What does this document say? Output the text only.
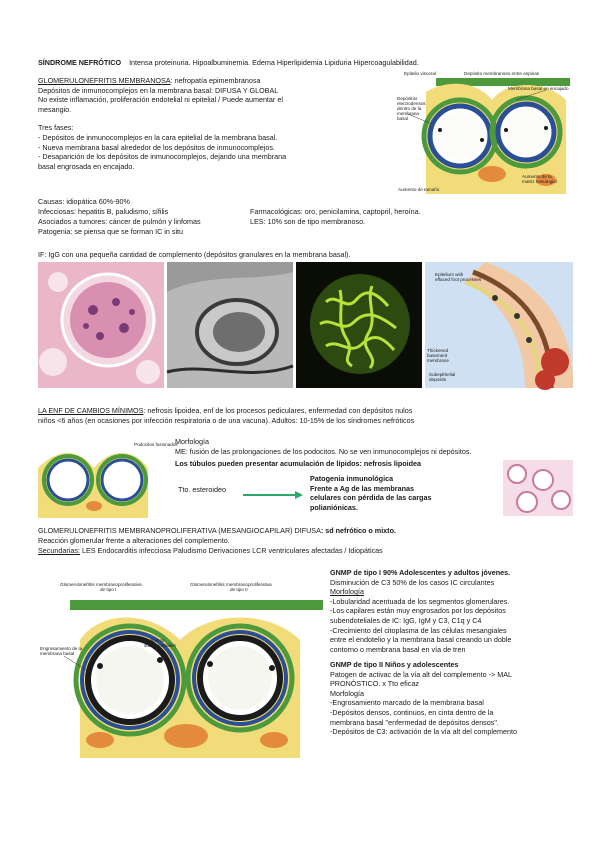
SÍNDROME NEFRÓTICO Intensa proteinuria. Hipoalbuminemia. Edema Hiperlipidemia Lipiduria Hipercoagulabilidad.
GLOMERULONEFRITIS MEMBRANOSA: nefropatía epimembranosa
Depósitos de inmunocomplejos en la membrana basal: DIFUSA Y GLOBAL
No existe inflamación, proliferación endotelial ni epitelial / Puede aumentar el
mesangio.
Tres fases:
- Depósitos de inmunocomplejos en la cara epitelial de la membrana basal.
- Nueva membrana basal alrededor de los depósitos de inmunocomplejos.
- Desaparición de los depósitos de inmunocomplejos, dejando una membrana
basal engrosada en encajado.
Causas: idiopática 60%-90%
Infecciosas: hepatitis B, paludismo, sífilis	Farmacológicas: oro, penicilamina, captopril, heroína.
Asociados a tumores: cáncer de pulmón y linfomas	LES: 10% son de tipo membranoso.
Patogenia: se piensa que se forman IC in situ
IF: IgG con una pequeña cantidad de complemento (depósitos granulares en la membrana basal).
Epitelio visceral	Depósito membranoso entre espinas
Membrana basal en encajado
Depósitos
electrodensos
dentro de la
membrana
basal
Aumento de la
matriz mesangial
Aumento de tamaño
Epitelium with
effaced foot processes
Thickened
basement
membrane
Subepithelial
deposits
LA ENF DE CAMBIOS MÍNIMOS: nefrosis lipoidea, enf de los procesos pediculares, enfermedad con depósitos nulos
niños <6 años (en ocasiones por infección respiratoria o de una vacuna). Adultos: 10-15% de los síndromes nefróticos
Podocitos fusionados
Morfología
ME: fusión de las prolongaciones de los podocitos. No se ven inmunocomplejos ni depósitos.
Los túbulos pueden presentar acumulación de lípidos: nefrosis lipoidea
Tto. esteroideo
Patogenia inmunológica
Frente a Ag de las membranas
celulares con pérdida de las cargas
polianiónicas.
GLOMERULONEFRITIS MEMBRANOPROLIFERATIVA (MESANGIOCAPILAR) DIFUSA: sd nefrótico o mixto.
Reacción glomerular frente a alteraciones del complemento.
Secundarias: LES Endocarditis infecciosa Paludismo Derivaciones LCR ventriculares afectadas / Idiopáticas
Glomerulonefritis membranoproliferativa
de tipo I
Glomerulonefritis membranoproliferativa
de tipo II
Engrosamiento de la
membrana basal
Depósitos
subendoteliales
GNMP de tipo I 90% Adolescentes y adultos jóvenes.
Disminución de C3 50% de los casos IC circulantes
Morfología
-Lobularidad acentuada de los segmentos glomerulares.
-Los capilares están muy engrosados por los depósitos
subendoteliales de IC: IgG, IgM y C3, C1q y C4
-Crecimiento del citoplasma de las células mesangiales
entre el endotelio y la membrana basal creando un doble
contorno o membrana basal en vía de tren
GNMP de tipo II Niños y adolescentes
Patogen de activac de la vía alt del complemento -> MAL
PRONÓSTICO. x Tto eficaz
Morfología
-Engrosamiento marcado de la membrana basal
-Depósitos densos, continuos, en cinta dentro de la
membrana basal "enfermedad de depósitos densos".
-Depósitos de C3: activación de la vía alt del complemento
